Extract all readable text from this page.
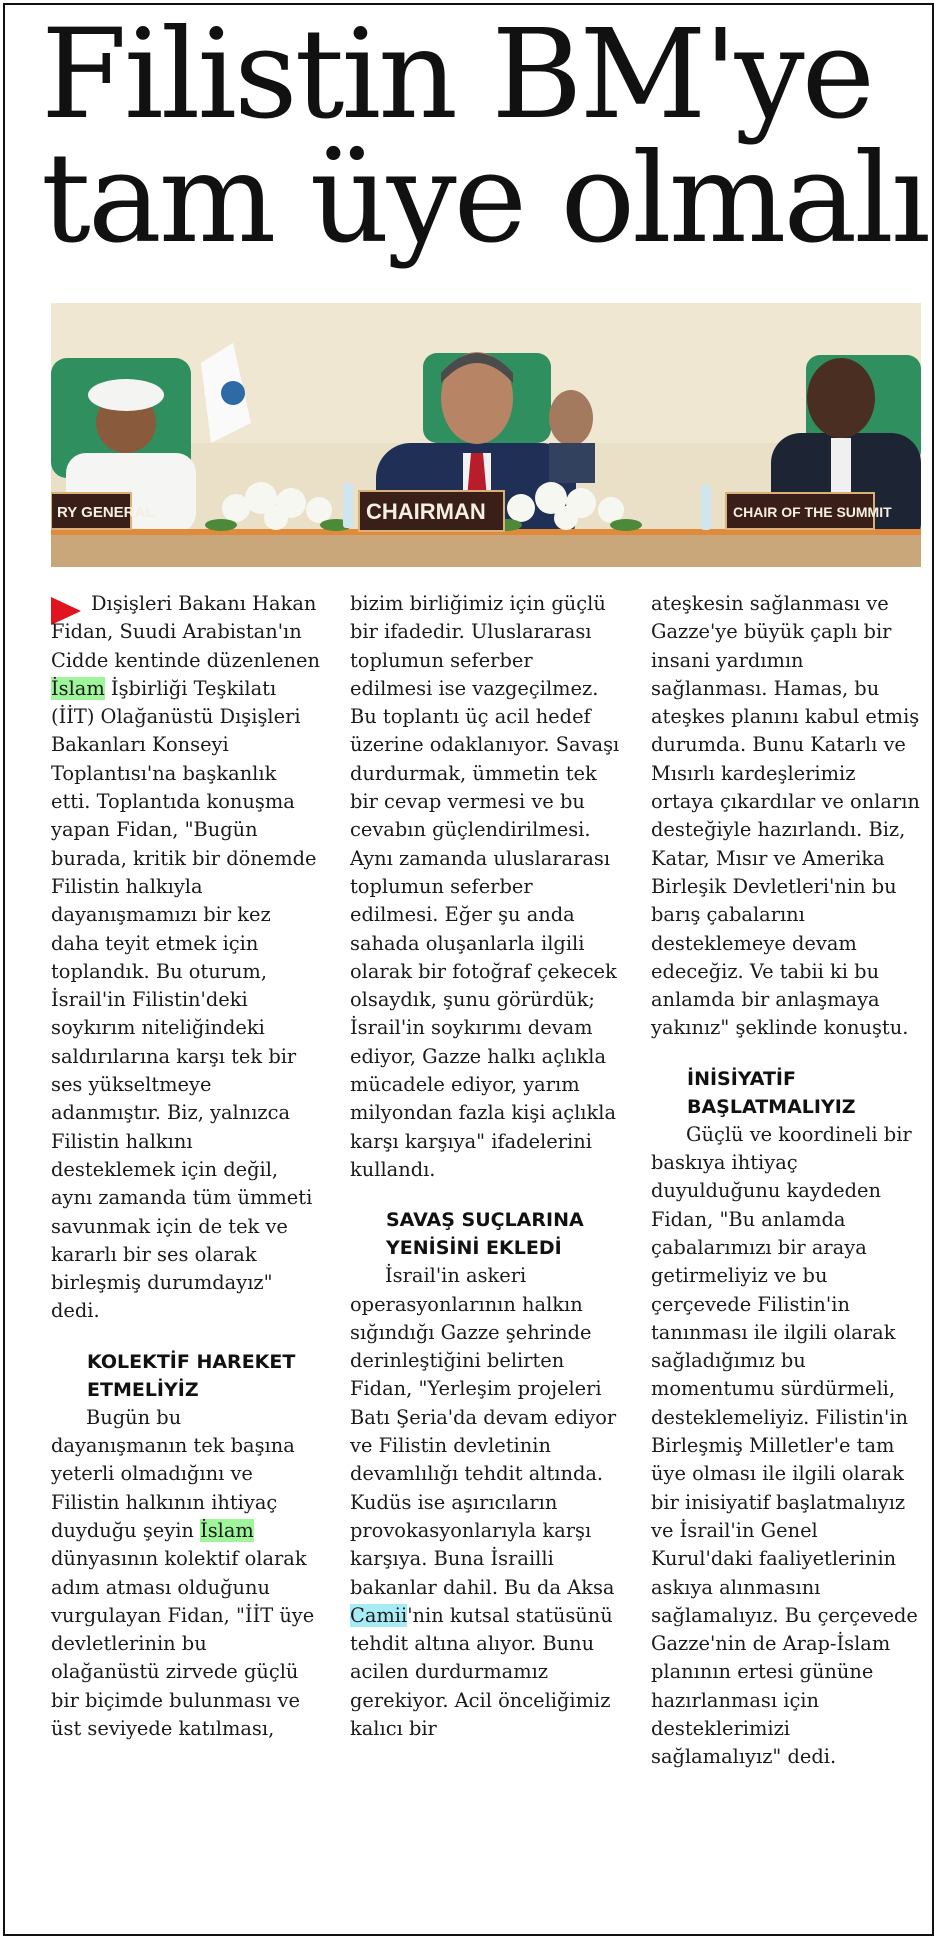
Filistin BM'ye
tam üye olmalı
RY GENERAL	CHAIRMAN	CHAIR OF THE SUMMIT

Dışişleri Bakanı Hakan Fidan, Suudi Arabistan'ın Cidde kentinde düzenlenen İslam İşbirliği Teşkilatı (İİT) Olağanüstü Dışişleri Bakanları Konseyi Toplantısı'na başkanlık etti. Toplantıda konuşma yapan Fidan, "Bugün burada, kritik bir dönemde Filistin halkıyla dayanışmamızı bir kez daha teyit etmek için toplandık. Bu oturum, İsrail'in Filistin'deki soykırım niteliğindeki saldırılarına karşı tek bir ses yükseltmeye adanmıştır. Biz, yalnızca Filistin halkını desteklemek için değil, aynı zamanda tüm ümmeti savunmak için de tek ve kararlı bir ses olarak birleşmiş durumdayız" dedi.

KOLEKTİF HAREKET ETMELİYİZ

Bugün bu dayanışmanın tek başına yeterli olmadığını ve Filistin halkının ihtiyaç duyduğu şeyin İslam dünyasının kolektif olarak adım atması olduğunu vurgulayan Fidan, "İİT üye devletlerinin bu olağanüstü zirvede güçlü bir biçimde bulunması ve üst seviyede katılması,

bizim birliğimiz için güçlü bir ifadedir. Uluslararası toplumun seferber edilmesi ise vazgeçilmez. Bu toplantı üç acil hedef üzerine odaklanıyor. Savaşı durdurmak, ümmetin tek bir cevap vermesi ve bu cevabın güçlendirilmesi. Aynı zamanda uluslararası toplumun seferber edilmesi. Eğer şu anda sahada oluşanlarla ilgili olarak bir fotoğraf çekecek olsaydık, şunu görürdük; İsrail'in soykırımı devam ediyor, Gazze halkı açlıkla mücadele ediyor, yarım milyondan fazla kişi açlıkla karşı karşıya" ifadelerini kullandı.

SAVAŞ SUÇLARINA YENİSİNİ EKLEDİ

İsrail'in askeri operasyonlarının halkın sığındığı Gazze şehrinde derinleştiğini belirten Fidan, "Yerleşim projeleri Batı Şeria'da devam ediyor ve Filistin devletinin devamlılığı tehdit altında. Kudüs ise aşırıcıların provokasyonlarıyla karşı karşıya. Buna İsrailli bakanlar dahil. Bu da Aksa Camii'nin kutsal statüsünü tehdit altına alıyor. Bunu acilen durdurmamız gerekiyor. Acil önceliğimiz kalıcı bir

ateşkesin sağlanması ve Gazze'ye büyük çaplı bir insani yardımın sağlanması. Hamas, bu ateşkes planını kabul etmiş durumda. Bunu Katarlı ve Mısırlı kardeşlerimiz ortaya çıkardılar ve onların desteğiyle hazırlandı. Biz, Katar, Mısır ve Amerika Birleşik Devletleri'nin bu barış çabalarını desteklemeye devam edeceğiz. Ve tabii ki bu anlamda bir anlaşmaya yakınız" şeklinde konuştu.

İNİSİYATİF BAŞLATMALIYIZ

Güçlü ve koordineli bir baskıya ihtiyaç duyulduğunu kaydeden Fidan, "Bu anlamda çabalarımızı bir araya getirmeliyiz ve bu çerçevede Filistin'in tanınması ile ilgili olarak sağladığımız bu momentumu sürdürmeli, desteklemeliyiz. Filistin'in Birleşmiş Milletler'e tam üye olması ile ilgili olarak bir inisiyatif başlatmalıyız ve İsrail'in Genel Kurul'daki faaliyetlerinin askıya alınmasını sağlamalıyız. Bu çerçevede Gazze'nin de Arap-İslam planının ertesi gününe hazırlanması için desteklerimizi sağlamalıyız" dedi.
